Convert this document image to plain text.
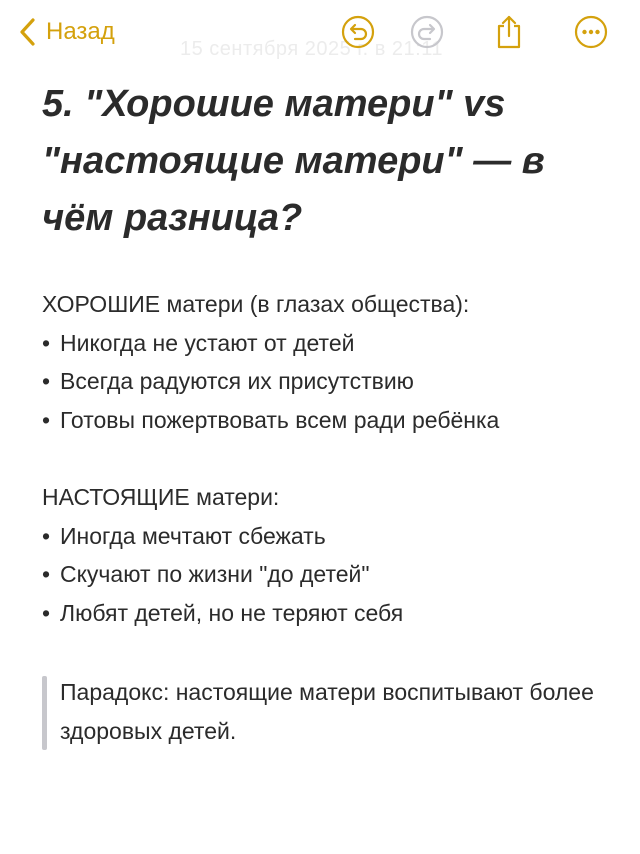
Назад
15 сентября 2025 г. в 21:11
5. "Хорошие матери" vs "настоящие матери" — в чём разница?
ХОРОШИЕ матери (в глазах общества):
• Никогда не устают от детей
• Всегда радуются их присутствию
• Готовы пожертвовать всем ради ребёнка
НАСТОЯЩИЕ матери:
• Иногда мечтают сбежать
• Скучают по жизни "до детей"
• Любят детей, но не теряют себя
Парадокс: настоящие матери воспитывают более здоровых детей.
